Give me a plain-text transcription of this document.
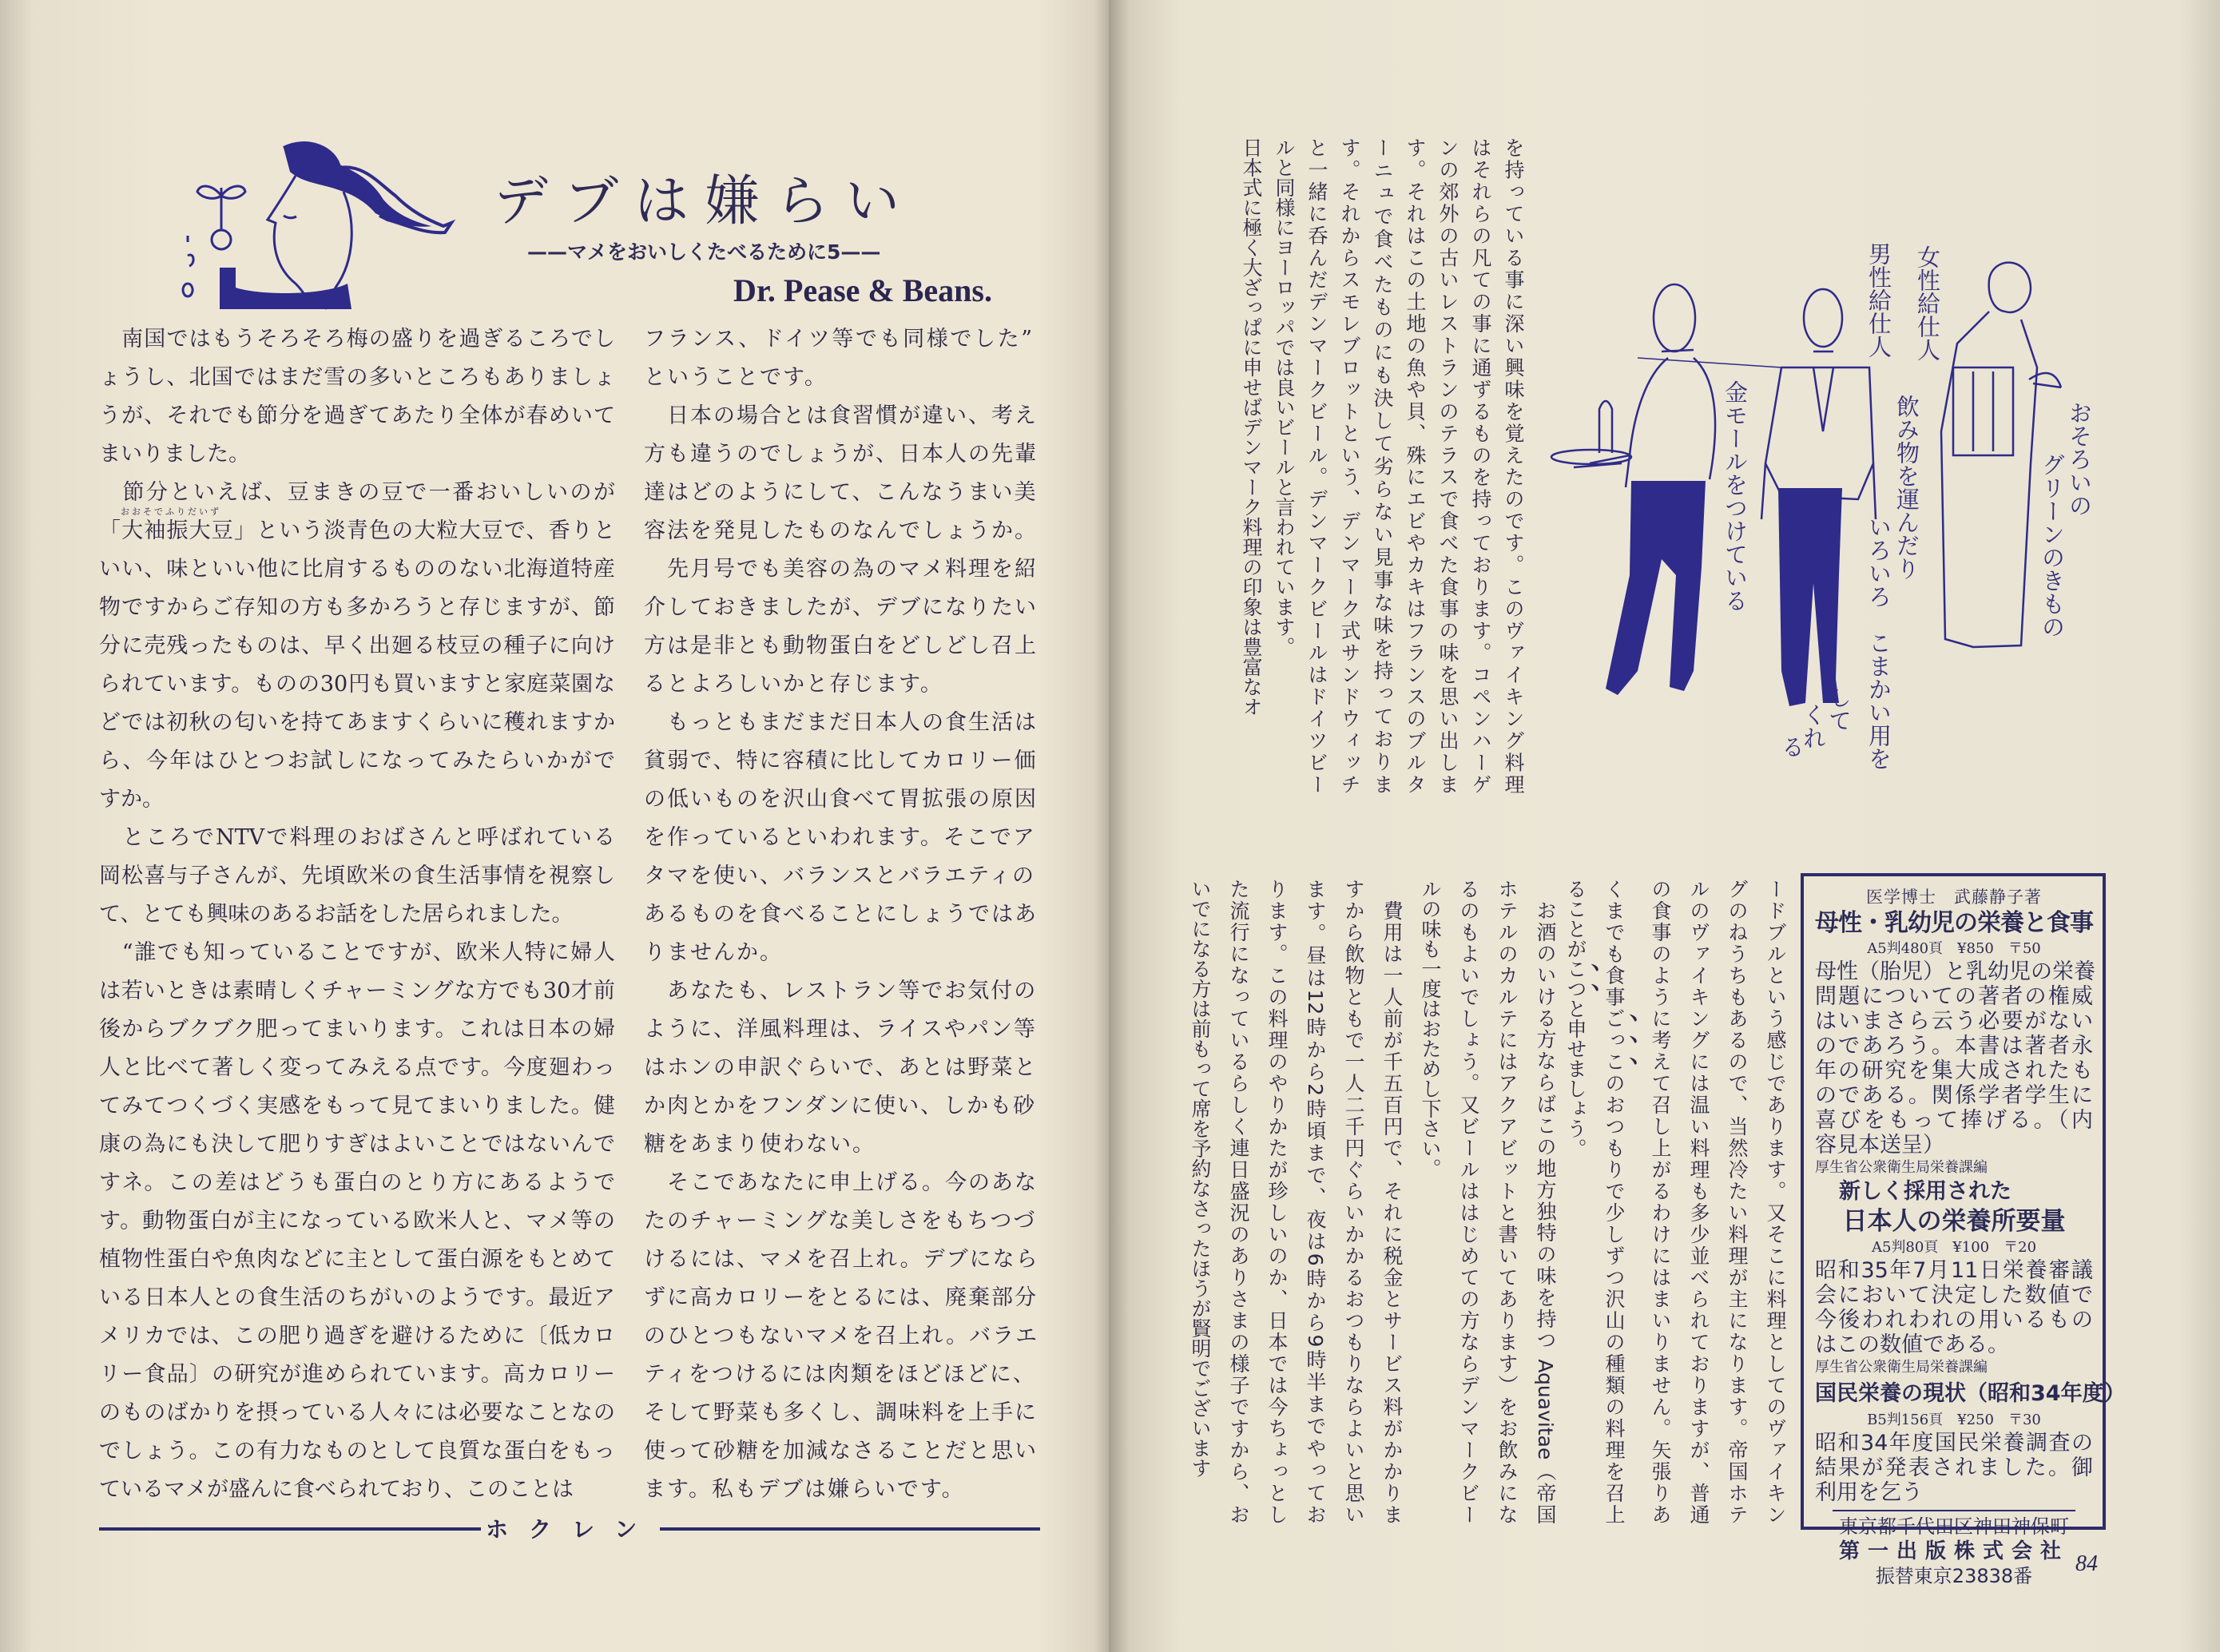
デブは嫌らい
——マメをおいしくたべるために5——
Dr. Pease & Beans.
　南国ではもうそろそろ梅の盛りを過ぎるころでし
ょうし、北国ではまだ雪の多いところもありましょ
うが、それでも節分を過ぎてあたり全体が春めいて
まいりました。
　節分といえば、豆まきの豆で一番おいしいのが
おおそでふりだいず
「大袖振大豆」という淡青色の大粒大豆で、香りと
いい、味といい他に比肩するもののない北海道特産
物ですからご存知の方も多かろうと存じますが、節
分に売残ったものは、早く出廻る枝豆の種子に向け
られています。ものの30円も買いますと家庭菜園な
どでは初秋の匂いを持てあますくらいに穫れますか
ら、今年はひとつお試しになってみたらいかがで
すか。
　ところでNTVで料理のおばさんと呼ばれている
岡松喜与子さんが、先頃欧米の食生活事情を視察し
て、とても興味のあるお話をした居られました。
　“誰でも知っていることですが、欧米人特に婦人
は若いときは素晴しくチャーミングな方でも30才前
後からブクブク肥ってまいります。これは日本の婦
人と比べて著しく変ってみえる点です。今度廻わっ
てみてつくづく実感をもって見てまいりました。健
康の為にも決して肥りすぎはよいことではないんで
すネ。この差はどうも蛋白のとり方にあるようで
す。動物蛋白が主になっている欧米人と、マメ等の
植物性蛋白や魚肉などに主として蛋白源をもとめて
いる日本人との食生活のちがいのようです。最近ア
メリカでは、この肥り過ぎを避けるために〔低カロ
リー食品〕の研究が進められています。高カロリー
のものばかりを摂っている人々には必要なことなの
でしょう。この有力なものとして良質な蛋白をもっ
ているマメが盛んに食べられており、このことは
フランス、ドイツ等でも同様でした”
ということです。
　日本の場合とは食習慣が違い、考え
方も違うのでしょうが、日本人の先輩
達はどのようにして、こんなうまい美
容法を発見したものなんでしょうか。
　先月号でも美容の為のマメ料理を紹
介しておきましたが、デブになりたい
方は是非とも動物蛋白をどしどし召上
るとよろしいかと存じます。
　もっともまだまだ日本人の食生活は
貧弱で、特に容積に比してカロリー価
の低いものを沢山食べて胃拡張の原因
を作っているといわれます。そこでア
タマを使い、バランスとバラエティの
あるものを食べることにしょうではあ
りませんか。
　あなたも、レストラン等でお気付の
ように、洋風料理は、ライスやパン等
はホンの申訳ぐらいで、あとは野菜と
か肉とかをフンダンに使い、しかも砂
糖をあまり使わない。
　そこであなたに申上げる。今のあな
たのチャーミングな美しさをもちつづ
けるには、マメを召上れ。デブになら
ずに高カロリーをとるには、廃棄部分
のひとつもないマメを召上れ。バラエ
ティをつけるには肉類をほどほどに、
そして野菜も多くし、調味料を上手に
使って砂糖を加減なさることだと思い
ます。私もデブは嫌らいです。
ホクレン
を持っている事に深い興味を覚えたのです。このヴァイキング料理
はそれらの凡ての事に通ずるものを持っております。コペンハーゲ
ンの郊外の古いレストランのテラスで食べた食事の味を思い出しま
す。それはこの土地の魚や貝、殊にエビやカキはフランスのブルタ
ーニュで食べたものにも決して劣らない見事な味を持っておりま
す。それからスモレブロットという、デンマーク式サンドウィッチ
と一緒に呑んだデンマークビール。デンマークビールはドイツビー
ルと同様にヨーロッパでは良いビールと言われています。
日本式に極く大ざっぱに申せばデンマーク料理の印象は豊富なオ
ードブルという感じであります。又そこに料理としてのヴァイキン
グのねうちもあるので、当然冷たい料理が主になります。帝国ホテ
ルのヴァイキングには温い料理も多少並べられておりますが、普通
の食事のように考えて召し上がるわけにはまいりません。矢張りあ
くまでも食事ごっこのおつもりで少しずつ沢山の種類の料理を召上
ることがこつと申せましょう。
　お酒のいける方ならばこの地方独特の味を持つ Aquavitae（帝国
ホテルのカルテにはアクアビットと書いてあります）をお飲みにな
るのもよいでしょう。又ビールははじめての方ならデンマークビー
ルの味も一度はおためし下さい。
　費用は一人前が千五百円で、それに税金とサービス料がかかりま
すから飲物ともで一人二千円ぐらいかかるおつもりならよいと思い
ます。昼は12時から2時頃まで、夜は6時から9時半までやってお
ります。この料理のやりかたが珍しいのか、日本では今ちょっとし
た流行になっているらしく連日盛況のありさまの様子ですから、お
いでになる方は前もって席を予約なさったほうが賢明でございます
女性給仕人
男性給仕人
飲み物を運んだり
いろいろ　こまかい用を
して
くれ
る
金モールをつけている	おそろいの
グリーンのきもの
医学博士　武藤静子著
母性・乳幼児の栄養と食事
A5判480頁　¥850　〒50
母性（胎児）と乳幼児の栄養
問題についての著者の権威
はいまさら云う必要がない
のであろう。本書は著者永
年の研究を集大成されたも
のである。関係学者学生に
喜びをもって捧げる。（内
容見本送呈）
厚生省公衆衛生局栄養課編
新しく採用された
日本人の栄養所要量
A5判80頁　¥100　〒20
昭和35年7月11日栄養審議
会において決定した数値で
今後われわれの用いるもの
はこの数値である。
厚生省公衆衛生局栄養課編
国民栄養の現状（昭和34年度）
B5判156頁　¥250　〒30
昭和34年度国民栄養調査の
結果が発表されました。御
利用を乞う
東京都千代田区神田神保町
第一出版株式会社
振替東京23838番	84
